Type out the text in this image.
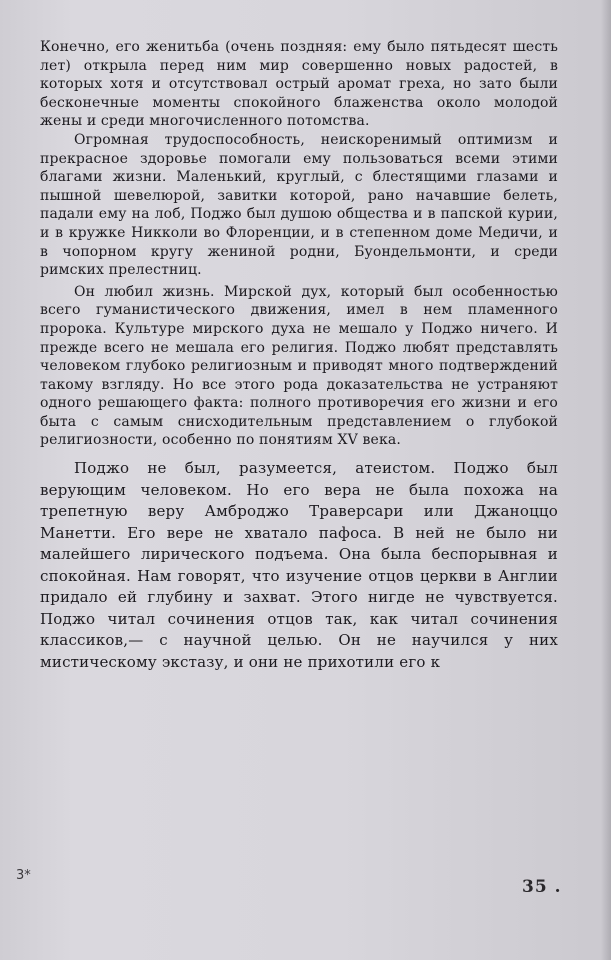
Конечно, его женитьба (очень поздняя: ему было пятьдесят шесть лет) открыла перед ним мир совершенно новых радостей, в которых хотя и отсутствовал острый аромат греха, но зато были бесконечные моменты спокойного блаженства около молодой жены и среди многочисленного потомства.

Огромная трудоспособность, неискоренимый оптимизм и прекрасное здоровье помогали ему пользоваться всеми этими благами жизни. Маленький, круглый, с блестящими глазами и пышной шевелюрой, завитки которой, рано начавшие белеть, падали ему на лоб, Поджо был душою общества и в папской курии, и в кружке Никколи во Флоренции, и в степенном доме Медичи, и в чопорном кругу жениной родни, Буондельмонти, и среди римских прелестниц.

Он любил жизнь. Мирской дух, который был особенностью всего гуманистического движения, имел в нем пламенного пророка. Культуре мирского духа не мешало у Поджо ничего. И прежде всего не мешала его религия. Поджо любят представлять человеком глубоко религиозным и приводят много подтверждений такому взгляду. Но все этого рода доказательства не устраняют одного решающего факта: полного противоречия его жизни и его быта с самым снисходительным представлением о глубокой религиозности, особенно по понятиям XV века.

Поджо не был, разумеется, атеистом. Поджо был верующим человеком. Но его вера не была похожа на трепетную веру Амброджо Траверсари или Джаноццо Манетти. Его вере не хватало пафоса. В ней не было ни малейшего лирического подъема. Она была беспорывная и спокойная. Нам говорят, что изучение отцов церкви в Англии придало ей глубину и захват. Этого нигде не чувствуется. Поджо читал сочинения отцов так, как читал сочинения классиков,— с научной целью. Он не научился у них мистическому экстазу, и они не прихотили его к

3*
35 .
